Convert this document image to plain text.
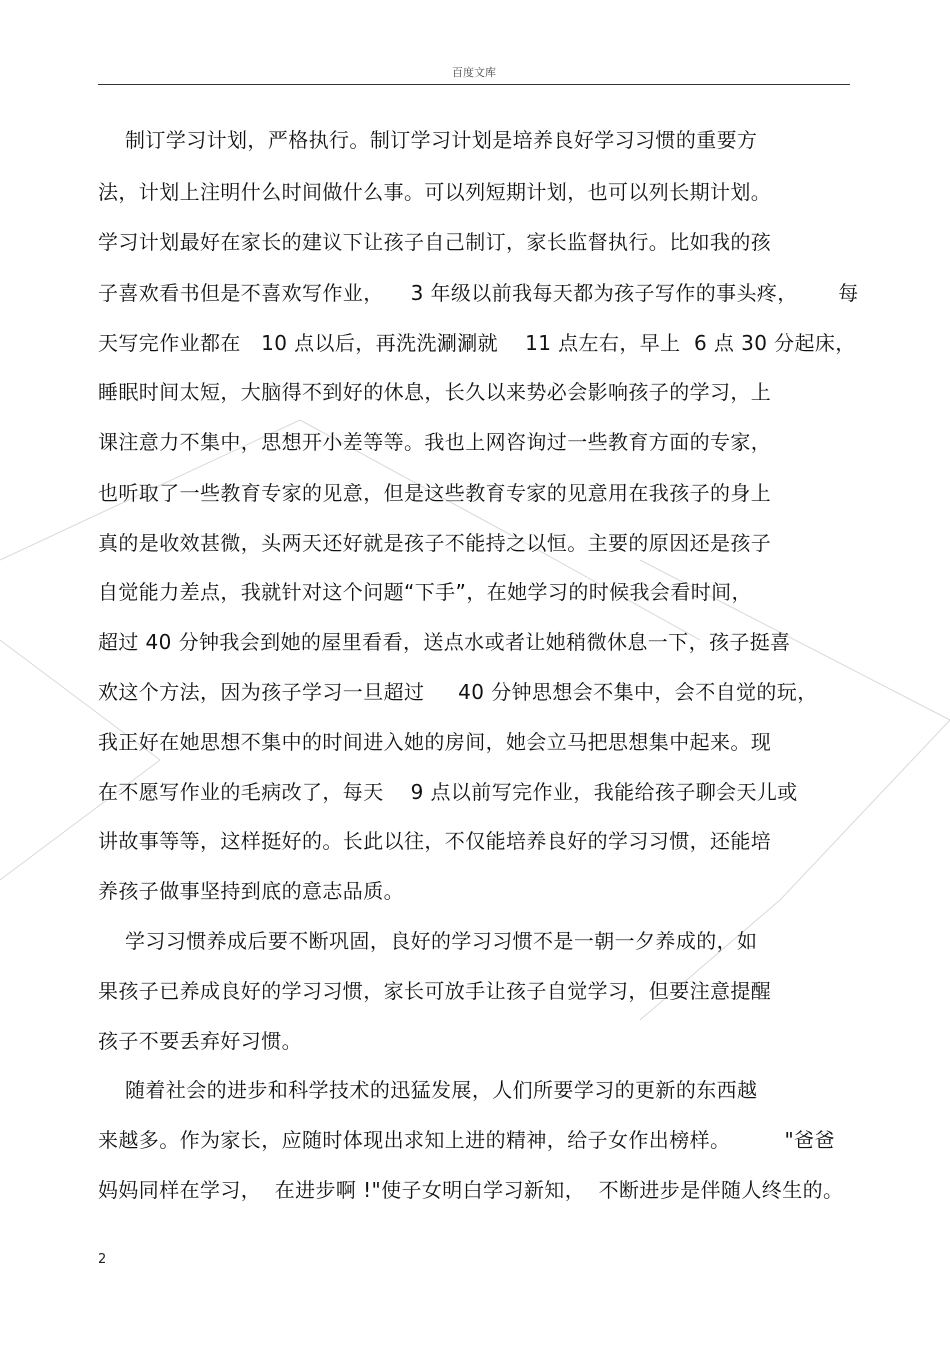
百度文库
制订学习计划，严格执行。制订学习计划是培养良好学习习惯的重要方
法，计划上注明什么时间做什么事。可以列短期计划，也可以列长期计划。
学习计划最好在家长的建议下让孩子自己制订，家长监督执行。比如我的孩
子喜欢看书但是不喜欢写作业，    3 年级以前我每天都为孩子写作的事头疼，      每
天写完作业都在   10 点以后，再洗洗涮涮就    11 点左右，早上  6 点 30 分起床，
睡眠时间太短，大脑得不到好的休息，长久以来势必会影响孩子的学习，上
课注意力不集中，思想开小差等等。我也上网咨询过一些教育方面的专家，
也听取了一些教育专家的见意，但是这些教育专家的见意用在我孩子的身上
真的是收效甚微，头两天还好就是孩子不能持之以恒。主要的原因还是孩子
自觉能力差点，我就针对这个问题“下手”，在她学习的时候我会看时间，
超过 40 分钟我会到她的屋里看看，送点水或者让她稍微休息一下，孩子挺喜
欢这个方法，因为孩子学习一旦超过     40 分钟思想会不集中，会不自觉的玩，
我正好在她思想不集中的时间进入她的房间，她会立马把思想集中起来。现
在不愿写作业的毛病改了，每天    9 点以前写完作业，我能给孩子聊会天儿或
讲故事等等，这样挺好的。长此以往，不仅能培养良好的学习习惯，还能培
养孩子做事坚持到底的意志品质。
学习习惯养成后要不断巩固，良好的学习习惯不是一朝一夕养成的，如
果孩子已养成良好的学习习惯，家长可放手让孩子自觉学习，但要注意提醒
孩子不要丢弃好习惯。
随着社会的进步和科学技术的迅猛发展，人们所要学习的更新的东西越
来越多。作为家长，应随时体现出求知上进的精神，给子女作出榜样。        "爸爸
妈妈同样在学习，  在进步啊 !"使子女明白学习新知，  不断进步是伴随人终生的。
2
